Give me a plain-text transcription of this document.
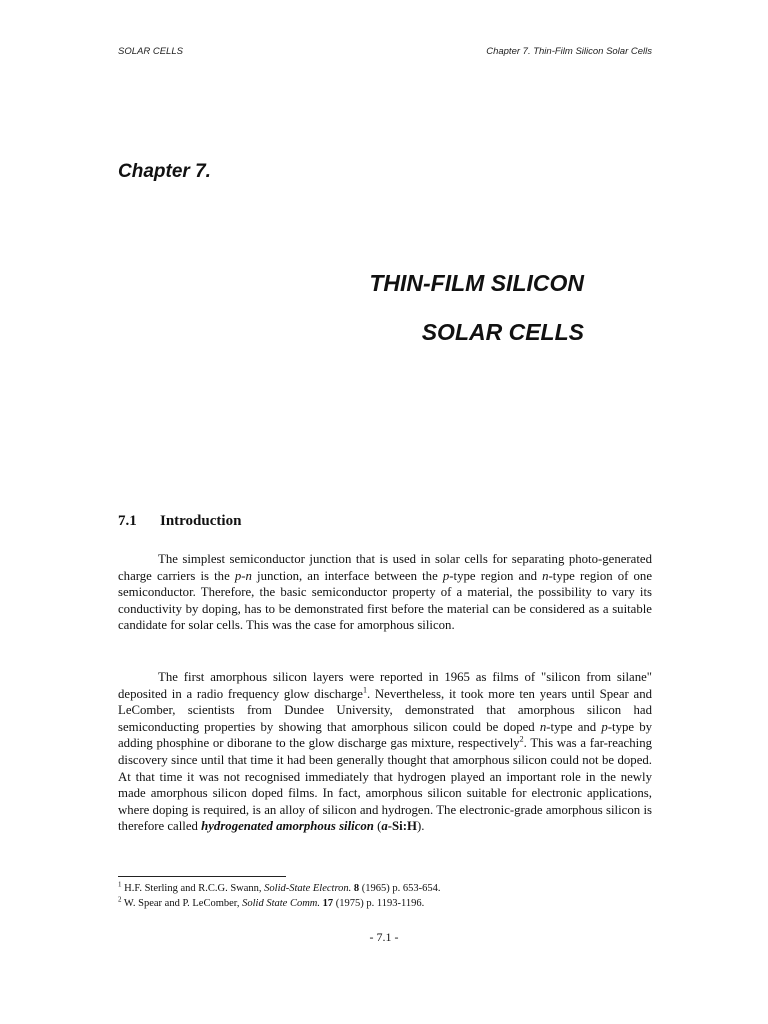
SOLAR CELLS	Chapter 7. Thin-Film Silicon Solar Cells
Chapter 7.
THIN-FILM SILICON
SOLAR CELLS
7.1 Introduction

The simplest semiconductor junction that is used in solar cells for separating photo-generated charge carriers is the p-n junction, an interface between the p-type region and n-type region of one semiconductor. Therefore, the basic semiconductor property of a material, the possibility to vary its conductivity by doping, has to be demonstrated first before the material can be considered as a suitable candidate for solar cells. This was the case for amorphous silicon.

The first amorphous silicon layers were reported in 1965 as films of "silicon from silane" deposited in a radio frequency glow discharge$^1$. Nevertheless, it took more ten years until Spear and LeComber, scientists from Dundee University, demonstrated that amorphous silicon had semiconducting properties by showing that amorphous silicon could be doped n-type and p-type by adding phosphine or diborane to the glow discharge gas mixture, respectively$^2$. This was a far-reaching discovery since until that time it had been generally thought that amorphous silicon could not be doped. At that time it was not recognised immediately that hydrogen played an important role in the newly made amorphous silicon doped films. In fact, amorphous silicon suitable for electronic applications, where doping is required, is an alloy of silicon and hydrogen. The electronic-grade amorphous silicon is therefore called hydrogenated amorphous silicon (a-Si:H).

$^1$ H.F. Sterling and R.C.G. Swann, Solid-State Electron. 8 (1965) p. 653-654.
$^2$ W. Spear and P. LeComber, Solid State Comm. 17 (1975) p. 1193-1196.
- 7.1 -
